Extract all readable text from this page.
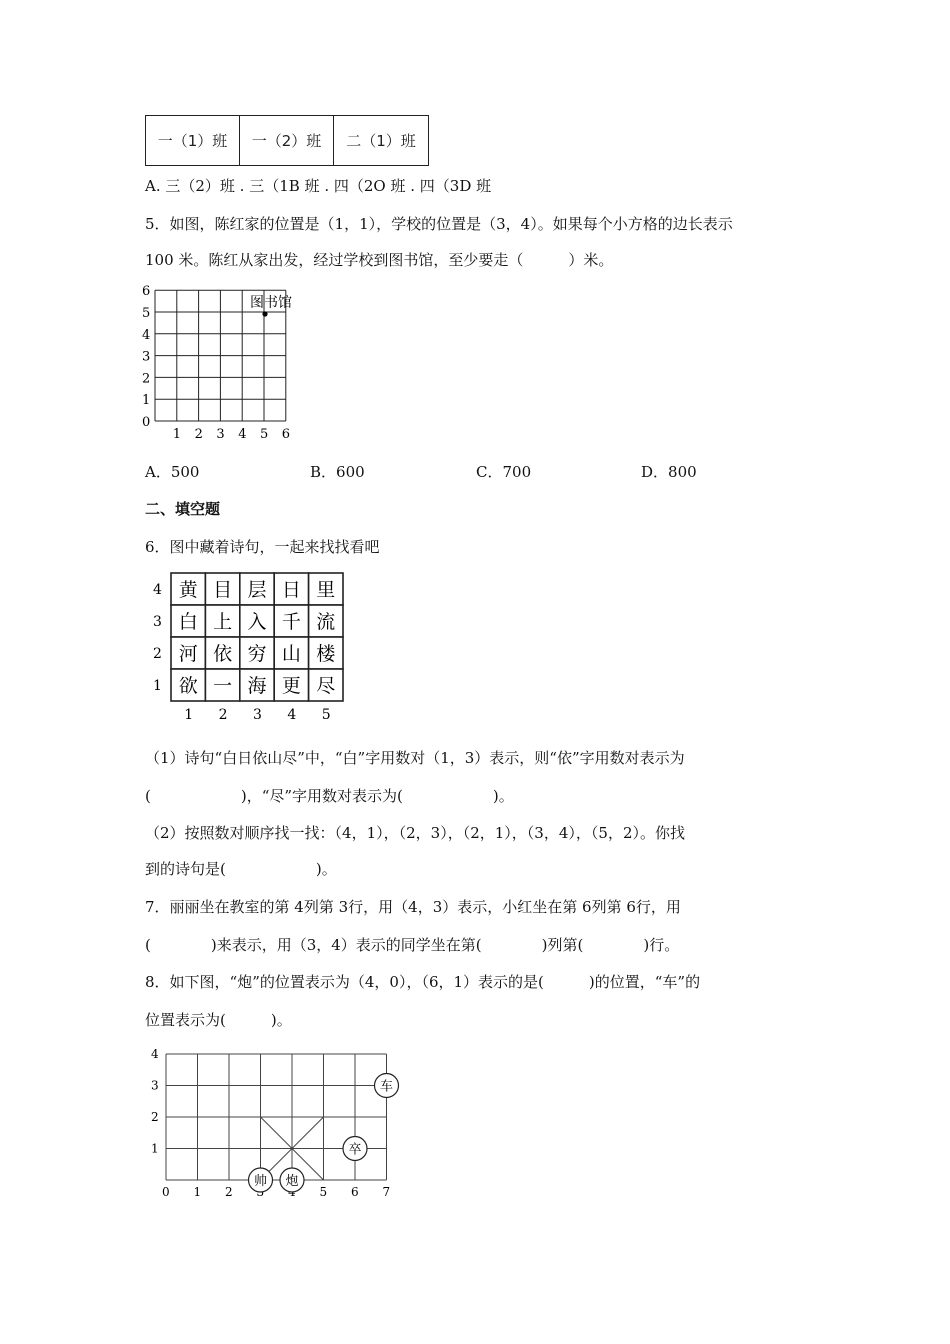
一（1）班	一（2）班	二（1）班
A. 三（2）班 . 三（1B 班 . 四（2O 班 . 四（3D 班
5．如图，陈红家的位置是（1，1），学校的位置是（3，4）。如果每个小方格的边长表示
100 米。陈红从家出发，经过学校到图书馆，至少要走（　　　）米。
图书馆
0
1
2
3
4
5
6
1 2 3 4 5 6
A．500	B．600	C．700	D．800
二、填空题
6．图中藏着诗句，一起来找找看吧
黄 目 层 日 里
白 上 入 千 流
河 依 穷 山 楼
欲 一 海 更 尽
4
3
2
1
1 2 3 4 5
（1）诗句“白日依山尽”中，“白”字用数对（1，3）表示，则“依”字用数对表示为
(　　　　　　)，“尽”字用数对表示为(　　　　　　)。
（2）按照数对顺序找一找：（4，1），（2，3），（2，1），（3，4），（5，2）。你找
到的诗句是(　　　　　　)。
7．丽丽坐在教室的第 4列第 3行，用（4，3）表示，小红坐在第 6列第 6行，用
(　　　　)来表示，用（3，4）表示的同学坐在第(　　　　)列第(　　　　)行。
8．如下图，“炮”的位置表示为（4，0），（6，1）表示的是(　　　)的位置，“车”的
位置表示为(　　　)。
0 1 2	5 6 7
1
2
3
4
帅 炮
卒
车
